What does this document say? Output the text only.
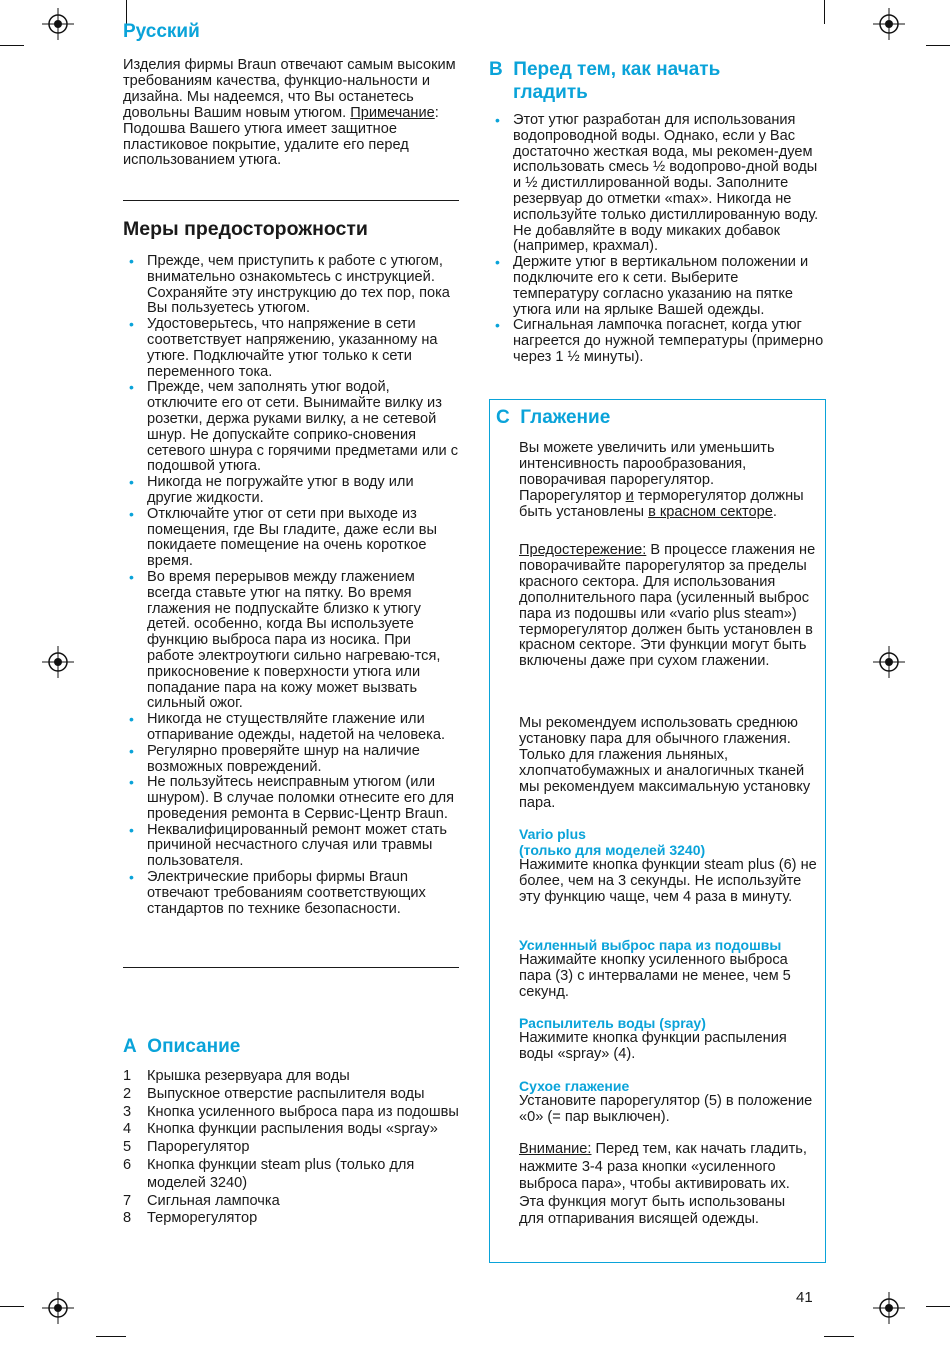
Русский
Изделия фирмы Braun отвечают самым высоким требованиям качества, функцио-нальности и дизайна. Мы надеемся, что Вы останетесь довольны Вашим новым утюгом. Примечание: Подошва Вашего утюга имеет защитное пластиковое покрытие, удалите его перед использованием утюга.
Меры предосторожности
• Прежде, чем приступить к работе с утюгом, внимательно ознакомьтесь с инструкцией. Сохраняйте эту инструкцию до тех пор, пока Вы пользуетесь утюгом.
• Удостоверьтесь, что напряжение в сети соответствует напряжению, указанному на утюге. Подключайте утюг только к сети переменного тока.
• Прежде, чем заполнять утюг водой, отключите его от сети. Вынимайте вилку из розетки, держа руками вилку, а не сетевой шнур. Не допускайте соприко-сновения сетевого шнура с горячими предметами или с подошвой утюга.
• Никогда не погружайте утюг в воду или другие жидкости.
• Отключайте утюг от сети при выходе из помещения, где Вы гладите, даже если вы покидаете помещение на очень короткое время.
• Во время перерывов между глажением всегда ставьте утюг на пятку. Во время глажения не подпускайте близко к утюгу детей. особенно, когда Вы используете функцию выброса пара из носика. При работе электроутюги сильно нагреваю-тся, прикосновение к поверхности утюга или попадание пара на кожу может вызвать сильный ожог.
• Никогда не стуществляйте глажение или отпаривание одежды, надетой на человека.
• Регулярно проверяйте шнур на наличие возможных повреждений.
• Не пользуйтесь неисправным утюгом (или шнуром). В случае поломки отнесите его для проведения ремонта в Сервис-Центр Braun.
• Неквалифицированный ремонт может стать причиной несчастного случая или травмы пользователя.
• Электрические приборы фирмы Braun отвечают требованиям соответствующих стандартов по технике безопасности.
A Описание
1 Крышка резервуара для воды
2 Выпускное отверстие распылителя воды
3 Кнопка усиленного выброса пара из подошвы
4 Кнопка функции распыления воды «spray»
5 Парорегулятор
6 Кнопка функции steam plus (только для моделей 3240)
7 Сигльная лампочка
8 Терморегулятор
B Перед тем, как начать
гладить
• Этот утюг разработан для использования водопроводной воды. Однако, если у Вас достаточно жесткая вода, мы рекомен-дуем использовать смесь ½ водопрово-дной воды и ½ дистиллированной воды. Заполните резервуар до отметки «max». Никогда не используйте только дистиллированную воду. Не добавляйте в воду микаких добавок (например, крахмал).
• Держите утюг в вертикальном положении и подключите его к сети. Выберите температуру согласно указанию на пятке утюга или на ярлыке Вашей одежды.
• Сигнальная лампочка погаснет, когда утюг нагреется до нужной температуры (примерно через 1 ½ минуты).
C Глажение
Вы можете увеличить или уменьшить интенсивность парообразования, поворачивая парорегулятор. Парорегулятор и терморегулятор должны быть установлены в красном секторе.
Предостережение: В процессе глажения не поворачивайте парорегулятор за пределы красного сектора. Для использования дополнительного пара (усиленный выброс пара из подошвы или «vario plus steam») терморегулятор должен быть установлен в красном секторе. Эти функции могут быть включены даже при сухом глажении.
Мы рекомендуем использовать среднюю установку пара для обычного глажения. Только для глажения льняных, хлопчатобумажных и аналогичных тканей мы рекомендуем максимальную установку пара.

Vario plus

(только для моделей 3240)

Нажимите кнопка функции steam plus (6) не более, чем на 3 секунды. Не используйте эту функцию чаще, чем 4 раза в минуту.

Усиленный выброс пара из подошвы

Нажимайте кнопку усиленного выброса пара (3) с интервалами не менее, чем 5 секунд.

Распылитель воды (spray)

Нажимите кнопка функции распыления воды «spray» (4).

Сухое глажение

Установите парорегулятор (5) в положение «0» (= пар выключен).

Внимание: Перед тем, как начать гладить, нажмите 3-4 раза кнопки «усиленного выброса пара», чтобы активировать их. Эта функция могут быть использованы для отпаривания висящей одежды.
41
